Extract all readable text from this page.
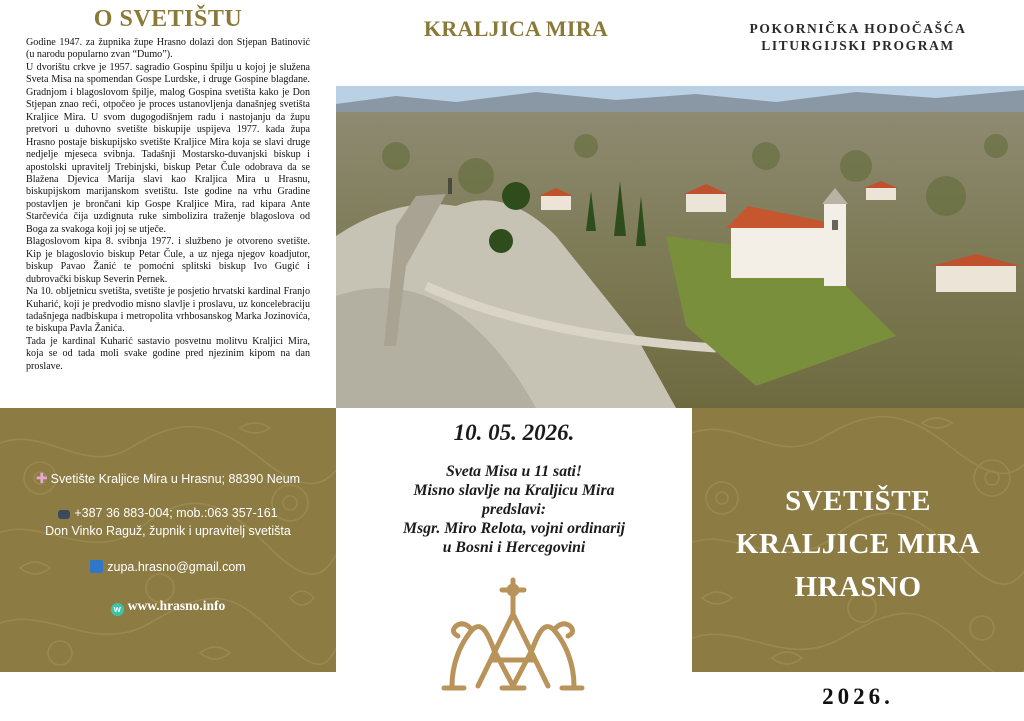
O SVETIŠTU

Godine 1947. za župnika župe Hrasno dolazi don Stjepan Batinović (u narodu popularno zvan “Dumo”).
U dvorištu crkve je 1957. sagradio Gospinu špilju u kojoj je služena Sveta Misa na spomendan Gospe Lurdske, i druge Gospine blagdane. Gradnjom i blagoslovom špilje, malog Gospina svetišta kako je Don Stjepan znao reći, otpočeo je proces ustanovljenja današnjeg svetišta Kraljice Mira. U svom dugogodišnjem radu i nastojanju da župu pretvori u duhovno svetište biskupije uspijeva 1977. kada župa Hrasno postaje biskupijsko svetište Kraljice Mira koja se slavi druge nedjelje mjeseca svibnja. Tadašnji Mostarsko-duvanjski biskup i apostolski upravitelj Trebinjski, biskup Petar Čule odobrava da se Blažena Djevica Marija slavi kao Kraljica Mira u Hrasnu, biskupijskom marijanskom svetištu. Iste godine na vrhu Gradine postavljen je brončani kip Gospe Kraljice Mira, rad kipara Ante Starčevića čija uzdignuta ruke simbolizira traženje blagoslova od Boga za svakoga koji joj se utječe.
Blagoslovom kipa 8. svibnja 1977. i službeno je otvoreno svetište. Kip je blagoslovio biskup Petar Čule, a uz njega njegov koadjutor, biskup Pavao Žanić te pomoćni splitski biskup Ivo Gugić i dubrovački biskup Severin Pernek.
Na 10. obljetnicu svetišta, svetište je posjetio hrvatski kardinal Franjo Kuharić, koji je predvodio misno slavlje i proslavu, uz koncelebraciju tadašnjega nadbiskupa i metropolita vrhbosanskog Marka Jozinovića, te biskupa Pavla Žanića.
Tada je kardinal Kuharić sastavio posvetnu molitvu Kraljici Mira, koja se od tada moli svake godine pred njezinim kipom na dan proslave.

✚ Svetište Kraljice Mira u Hrasnu; 88390 Neum
+387 36 883-004; mob.:063 357-161
Don Vinko Raguž, župnik i upravitelj svetišta
zupa.hrasno@gmail.com
w www.hrasno.info
KRALJICA MIRA	POKORNIČKA HODOČAŠĆA
LITURGIJSKI PROGRAM
10. 05. 2026.
Sveta Misa u 11 sati!
Misno slavlje na Kraljicu Mira
predslavi:
Msgr. Miro Relota, vojni ordinarij
u Bosni i Hercegovini
SVETIŠTE
KRALJICE MIRA
HRASNO
2026.
